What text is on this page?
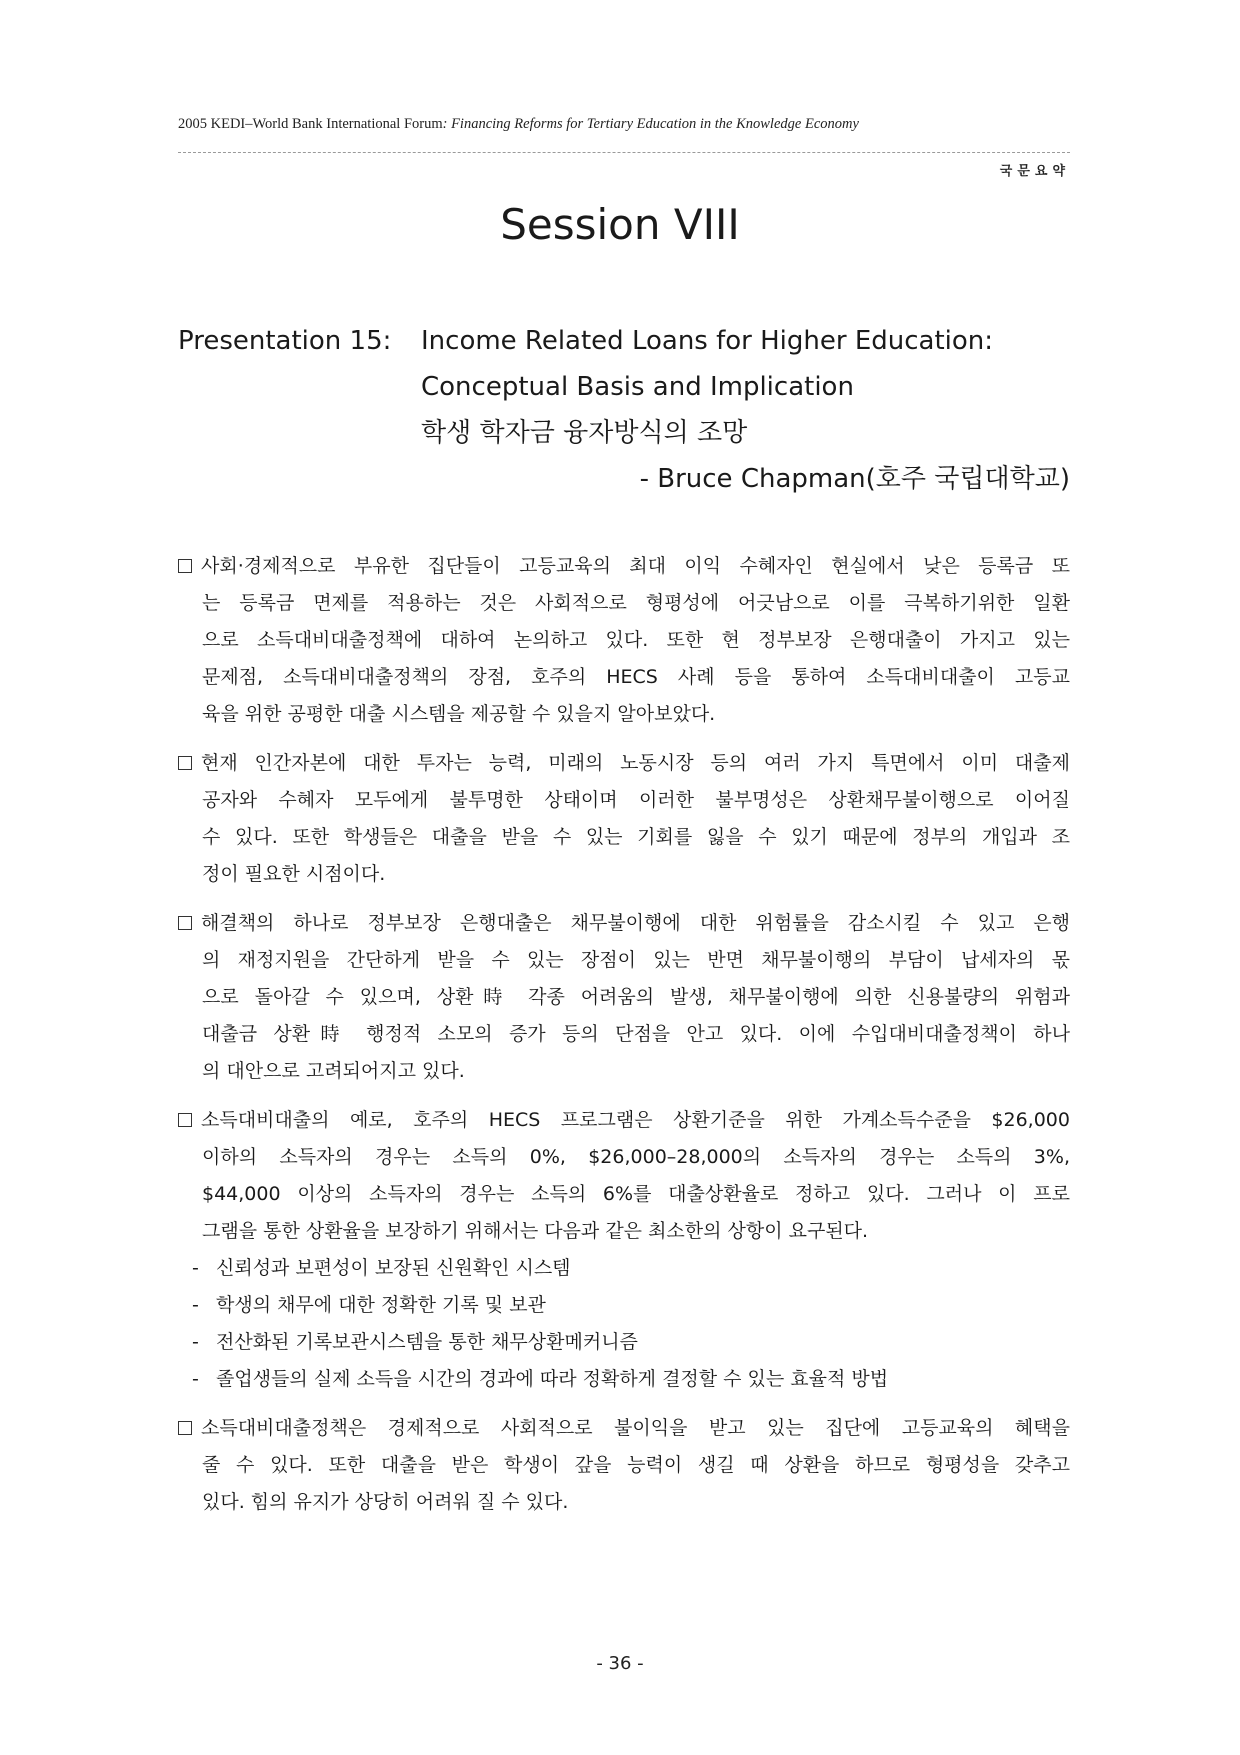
2005 KEDI–World Bank International Forum: Financing Reforms for Tertiary Education in the Knowledge Economy
국문요약
Session VIII
Presentation 15:	Income Related Loans for Higher Education:
Conceptual Basis and Implication
학생 학자금 융자방식의 조망
- Bruce Chapman(호주 국립대학교)
사회·경제적으로 부유한 집단들이 고등교육의 최대 이익 수혜자인 현실에서 낮은 등록금 또
는 등록금 면제를 적용하는 것은 사회적으로 형평성에 어긋남으로 이를 극복하기위한 일환
으로 소득대비대출정책에 대하여 논의하고 있다. 또한 현 정부보장 은행대출이 가지고 있는
문제점, 소득대비대출정책의 장점, 호주의 HECS 사례 등을 통하여 소득대비대출이 고등교
육을 위한 공평한 대출 시스템을 제공할 수 있을지 알아보았다.
현재 인간자본에 대한 투자는 능력, 미래의 노동시장 등의 여러 가지 특면에서 이미 대출제
공자와 수혜자 모두에게 불투명한 상태이며 이러한 불부명성은 상환채무불이행으로 이어질
수 있다. 또한 학생들은 대출을 받을 수 있는 기회를 잃을 수 있기 때문에 정부의 개입과 조
정이 필요한 시점이다.
해결책의 하나로 정부보장 은행대출은 채무불이행에 대한 위험률을 감소시킬 수 있고 은행
의 재정지원을 간단하게 받을 수 있는 장점이 있는 반면 채무불이행의 부담이 납세자의 몫
으로 돌아갈 수 있으며, 상환時 각종 어려움의 발생, 채무불이행에 의한 신용불량의 위험과
대출금 상환時 행정적 소모의 증가 등의 단점을 안고 있다. 이에 수입대비대출정책이 하나
의 대안으로 고려되어지고 있다.
소득대비대출의 예로, 호주의 HECS 프로그램은 상환기준을 위한 가계소득수준을 $26,000
이하의 소득자의 경우는 소득의 0%, $26,000–28,000의 소득자의 경우는 소득의 3%,
$44,000 이상의 소득자의 경우는 소득의 6%를 대출상환율로 정하고 있다. 그러나 이 프로
그램을 통한 상환율을 보장하기 위해서는 다음과 같은 최소한의 상항이 요구된다.
- 신뢰성과 보편성이 보장된 신원확인 시스템
- 학생의 채무에 대한 정확한 기록 및 보관
- 전산화된 기록보관시스템을 통한 채무상환메커니즘
- 졸업생들의 실제 소득을 시간의 경과에 따라 정확하게 결정할 수 있는 효율적 방법
소득대비대출정책은 경제적으로 사회적으로 불이익을 받고 있는 집단에 고등교육의 혜택을
줄 수 있다. 또한 대출을 받은 학생이 갚을 능력이 생길 때 상환을 하므로 형평성을 갖추고
있다. 힘의 유지가 상당히 어려워 질 수 있다.
- 36 -
